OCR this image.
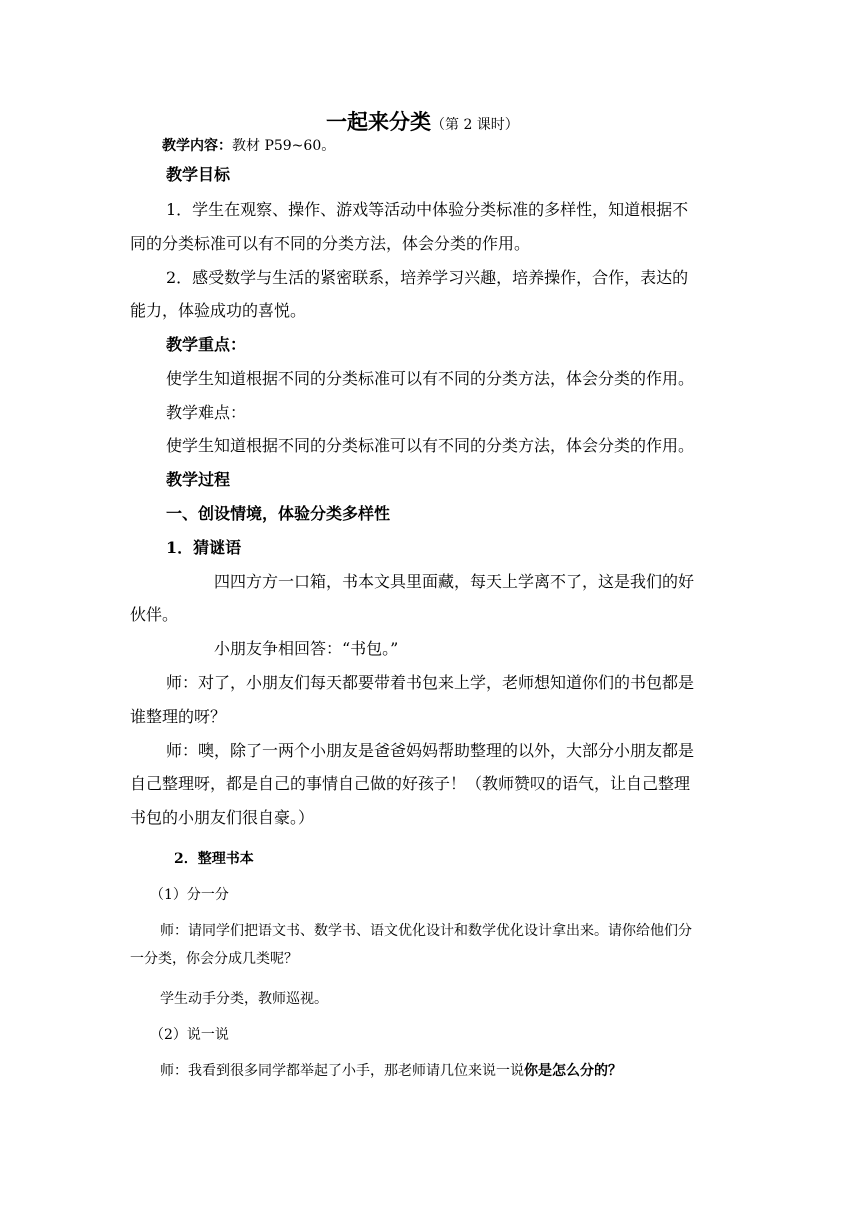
一起来分类（第 2 课时）
教学内容：教材 P59~60。
教学目标
1．学生在观察、操作、游戏等活动中体验分类标准的多样性，知道根据不
同的分类标准可以有不同的分类方法，体会分类的作用。
2．感受数学与生活的紧密联系，培养学习兴趣，培养操作，合作，表达的
能力，体验成功的喜悦。
教学重点：
使学生知道根据不同的分类标准可以有不同的分类方法，体会分类的作用。
教学难点：
使学生知道根据不同的分类标准可以有不同的分类方法，体会分类的作用。
教学过程
一、创设情境，体验分类多样性
1．猜谜语
四四方方一口箱，书本文具里面藏，每天上学离不了，这是我们的好
伙伴。
小朋友争相回答：“书包。”
师：对了，小朋友们每天都要带着书包来上学，老师想知道你们的书包都是
谁整理的呀？
师：噢，除了一两个小朋友是爸爸妈妈帮助整理的以外，大部分小朋友都是
自己整理呀，都是自己的事情自己做的好孩子！（教师赞叹的语气，让自己整理
书包的小朋友们很自豪。）
2．整理书本
（1）分一分
师：请同学们把语文书、数学书、语文优化设计和数学优化设计拿出来。请你给他们分
一分类，你会分成几类呢？
学生动手分类，教师巡视。
（2）说一说
师：我看到很多同学都举起了小手，那老师请几位来说一说你是怎么分的？
